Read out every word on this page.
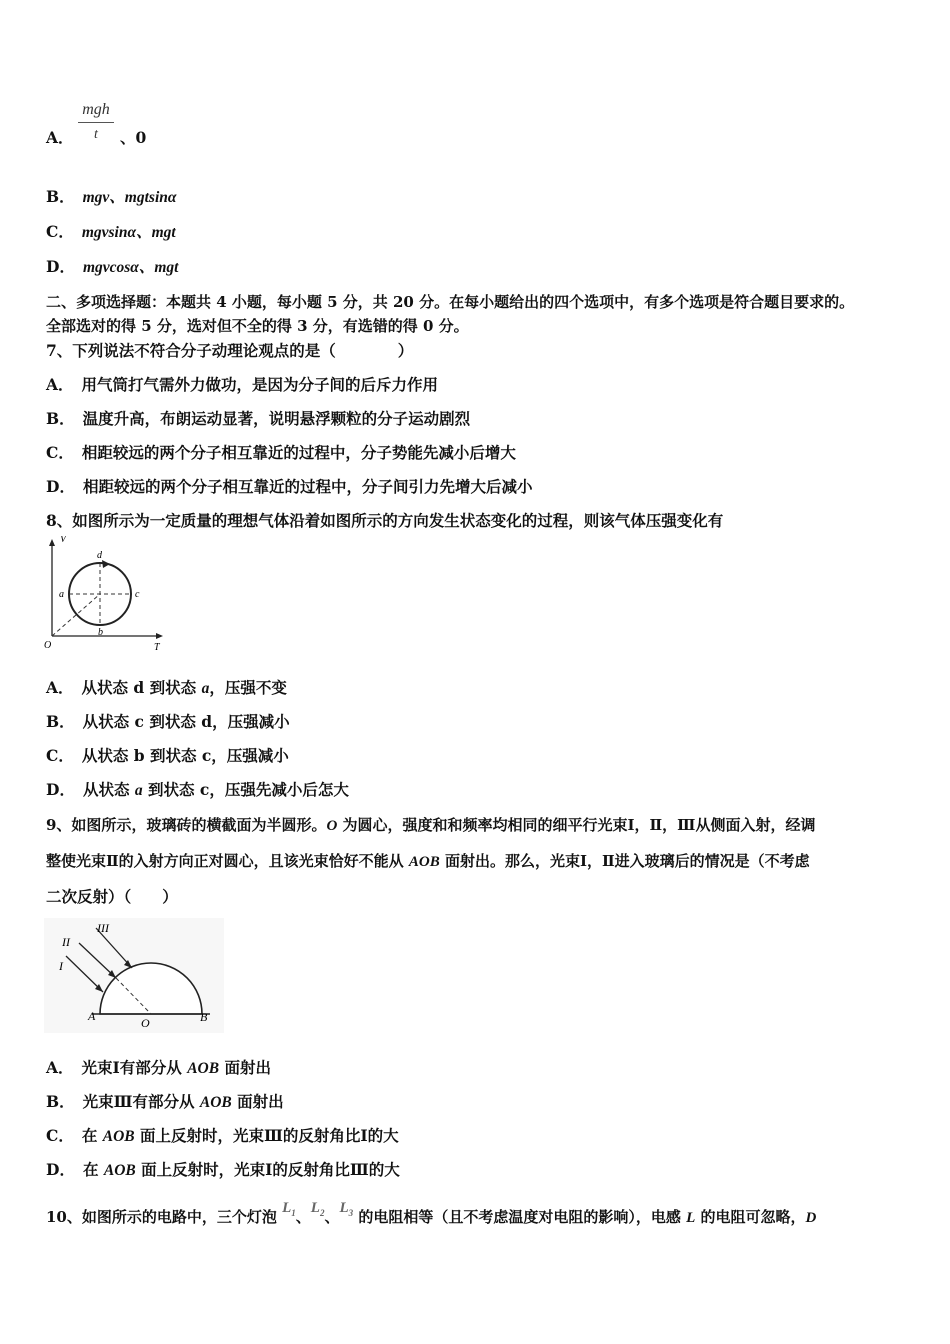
A．
mgh
t	、0
B． mgv、mgtsinα
C． mgvsinα、mgt
D． mgvcosα、mgt
二、多项选择题：本题共 4 小题，每小题 5 分，共 20 分。在每小题给出的四个选项中，有多个选项是符合题目要求的。
全部选对的得 5 分，选对但不全的得 3 分，有选错的得 0 分。
7、下列说法不符合分子动理论观点的是（　　　　）
A． 用气筒打气需外力做功，是因为分子间的后斥力作用
B． 温度升高，布朗运动显著，说明悬浮颗粒的分子运动剧烈
C． 相距较远的两个分子相互靠近的过程中，分子势能先减小后增大
D． 相距较远的两个分子相互靠近的过程中，分子间引力先增大后减小
8、如图所示为一定质量的理想气体沿着如图所示的方向发生状态变化的过程，则该气体压强变化有
V
T
O
a	c
d
b
A． 从状态 d 到状态 a，压强不变
B． 从状态 c 到状态 d，压强减小
C． 从状态 b 到状态 c，压强减小
D． 从状态 a 到状态 c，压强先减小后怎大
9、如图所示，玻璃砖的横截面为半圆形。O 为圆心，强度和和频率均相同的细平行光束Ⅰ，Ⅱ，Ⅲ从侧面入射，经调
整使光束Ⅱ的入射方向正对圆心，且该光束恰好不能从 AOB 面射出。那么，光束Ⅰ，Ⅱ进入玻璃后的情况是（不考虑
二次反射）（　　）
I
II
III
A	O	B
A． 光束Ⅰ有部分从 AOB 面射出
B． 光束Ⅲ有部分从 AOB 面射出
C． 在 AOB 面上反射时，光束Ⅲ的反射角比Ⅰ的大
D． 在 AOB 面上反射时，光束Ⅰ的反射角比Ⅲ的大
10、如图所示的电路中，三个灯泡 $L_1$、$L_2$、$L_3$ 的电阻相等（且不考虑温度对电阻的影响），电感 L 的电阻可忽略，D
